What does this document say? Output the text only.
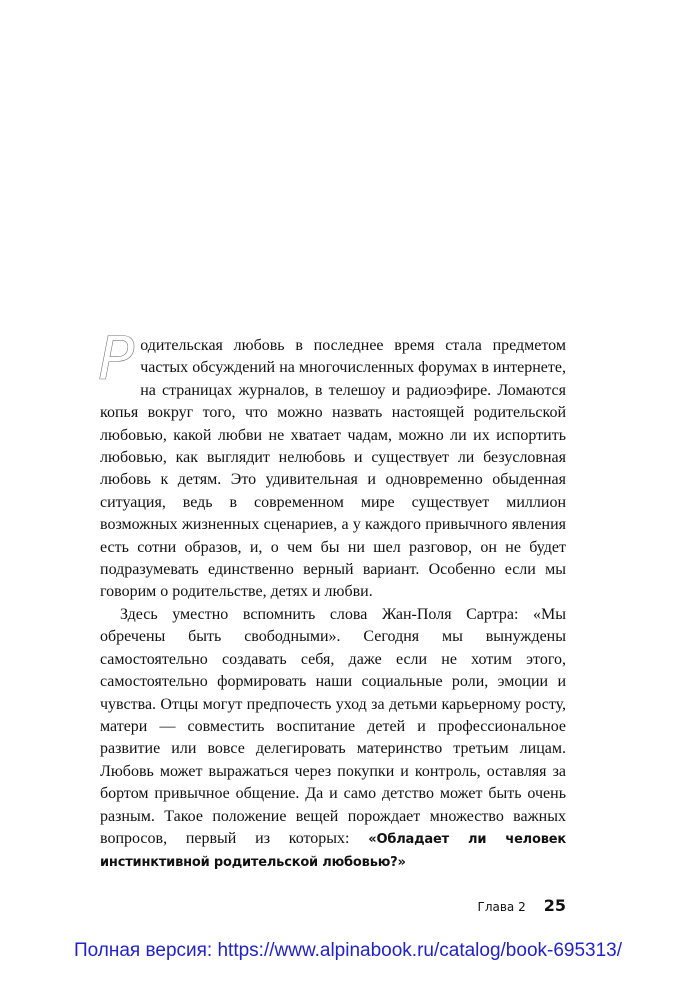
Родительская любовь в последнее время стала предметом частых обсуждений на многочисленных форумах в интернете, на страницах журналов, в телешоу и радиоэфире. Ломаются копья вокруг того, что можно назвать настоящей родительской любовью, какой любви не хватает чадам, можно ли их испортить любовью, как выглядит нелюбовь и существует ли безусловная любовь к детям. Это удивительная и одновременно обыденная ситуация, ведь в современном мире существует миллион возможных жизненных сценариев, а у каждого привычного явления есть сотни образов, и, о чем бы ни шел разговор, он не будет подразумевать единственно верный вариант. Особенно если мы говорим о родительстве, детях и любви.

Здесь уместно вспомнить слова Жан-Поля Сартра: «Мы обречены быть свободными». Сегодня мы вынуждены самостоятельно создавать себя, даже если не хотим этого, самостоятельно формировать наши социальные роли, эмоции и чувства. Отцы могут предпочесть уход за детьми карьерному росту, матери — совместить воспитание детей и профессиональное развитие или вовсе делегировать материнство третьим лицам. Любовь может выражаться через покупки и контроль, оставляя за бортом привычное общение. Да и само детство может быть очень разным. Такое положение вещей порождает множество важных вопросов, первый из которых: «Обладает ли человек инстинктивной родительской любовью?»

Глава 2 25
Полная версия: https://www.alpinabook.ru/catalog/book-695313/
